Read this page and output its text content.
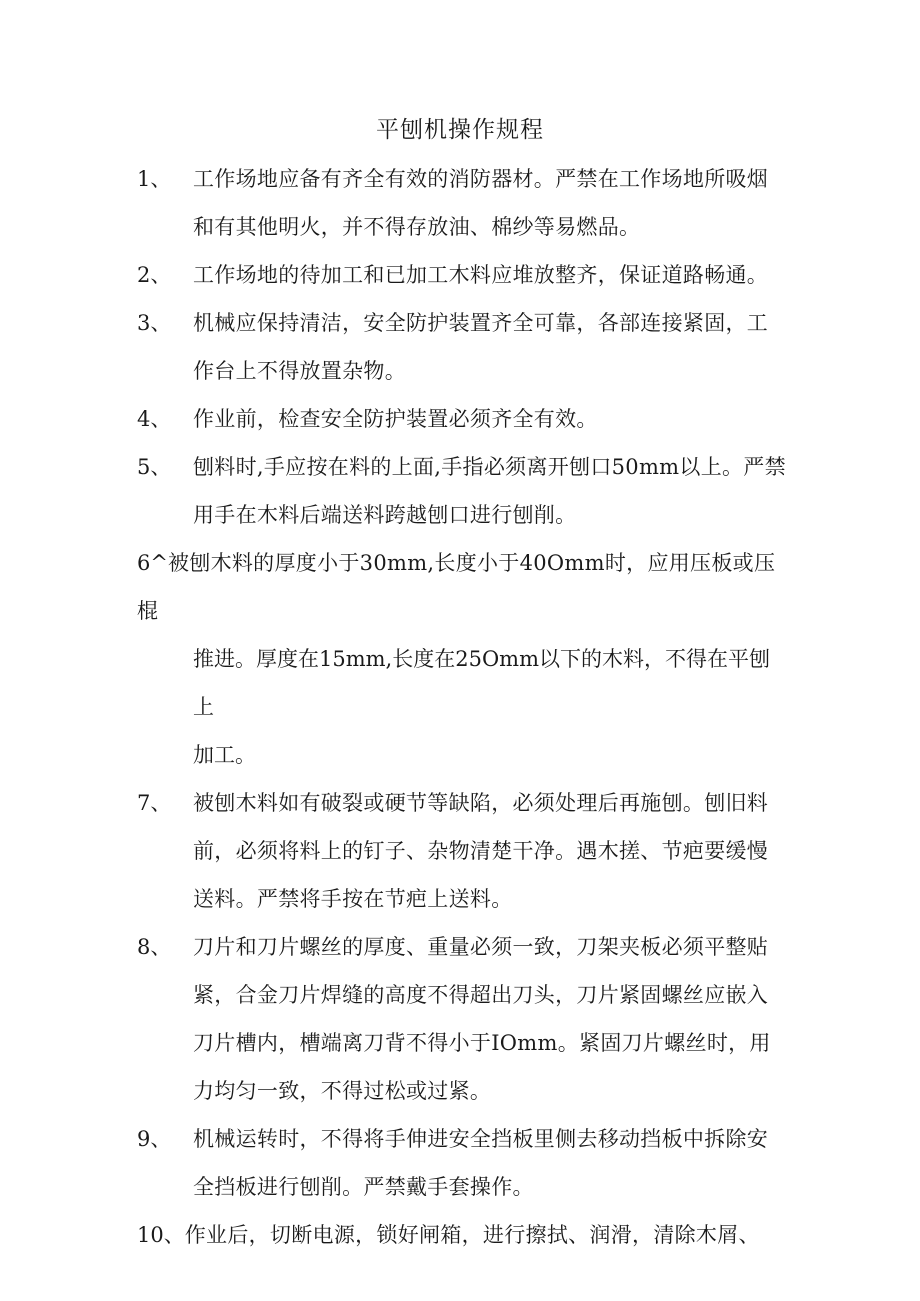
平刨机操作规程
1、 工作场地应备有齐全有效的消防器材。严禁在工作场地所吸烟和有其他明火，并不得存放油、棉纱等易燃品。
2、 工作场地的待加工和已加工木料应堆放整齐，保证道路畅通。
3、 机械应保持清洁，安全防护装置齐全可靠，各部连接紧固，工作台上不得放置杂物。
4、 作业前，检查安全防护装置必须齐全有效。
5、 刨料时,手应按在料的上面,手指必须离开刨口50mm以上。严禁用手在木料后端送料跨越刨口进行刨削。
6^被刨木料的厚度小于30mm,长度小于40Omm时，应用压板或压棍
推进。厚度在15mm,长度在25Omm以下的木料，不得在平刨上
加工。
7、 被刨木料如有破裂或硬节等缺陷，必须处理后再施刨。刨旧料前，必须将料上的钉子、杂物清楚干净。遇木搓、节疤要缓慢送料。严禁将手按在节疤上送料。
8、 刀片和刀片螺丝的厚度、重量必须一致，刀架夹板必须平整贴紧，合金刀片焊缝的高度不得超出刀头，刀片紧固螺丝应嵌入刀片槽内，槽端离刀背不得小于IOmm。紧固刀片螺丝时，用力均匀一致，不得过松或过紧。
9、 机械运转时，不得将手伸进安全挡板里侧去移动挡板中拆除安全挡板进行刨削。严禁戴手套操作。
10、作业后，切断电源，锁好闸箱，进行擦拭、润滑，清除木屑、
